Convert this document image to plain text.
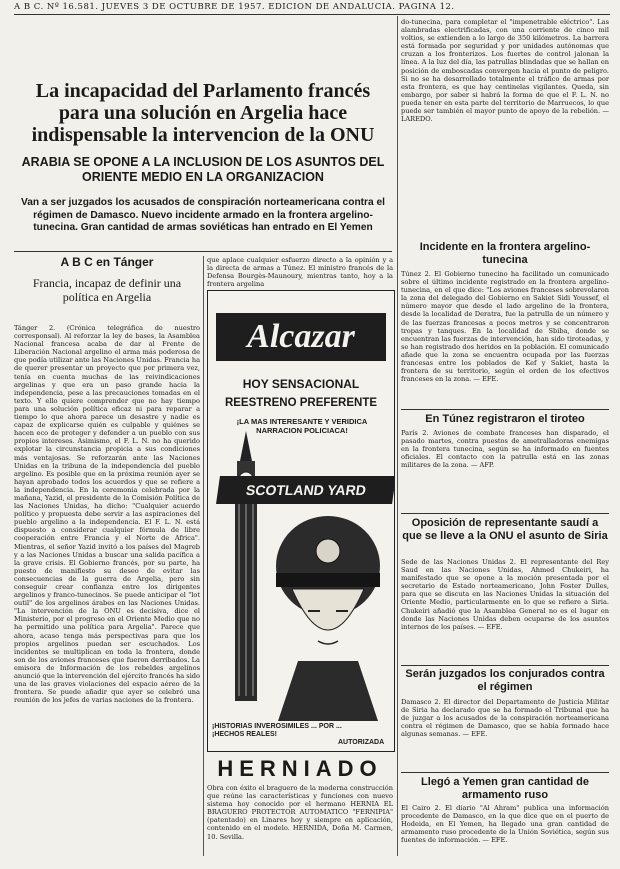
A B C. Nº 16.581. JUEVES 3 DE OCTUBRE DE 1957. EDICION DE ANDALUCIA. PAGINA 12.
La incapacidad del Parlamento francés para una solución en Argelia hace indispensable la intervencion de la ONU
ARABIA SE OPONE A LA INCLUSION DE LOS ASUNTOS DEL ORIENTE MEDIO EN LA ORGANIZACION
Van a ser juzgados los acusados de conspiración norteamericana contra el régimen de Damasco. Nuevo incidente armado en la frontera argelino-tunecina. Gran cantidad de armas soviéticas han entrado en El Yemen
A B C en Tánger
Francia, incapaz de definir una política en Argelia
Tánger 2. (Crónica telegráfica de nuestro corresponsal). Al reforzar la ley de bases, la Asamblea Nacional francesa acaba de dar al Frente de Liberación Nacional argelino el arma más poderosa de que podía utilizar ante las Naciones Unidas. Francia ha de querer presentar un proyecto que por primera vez, tenía en cuenta muchas de las reivindicaciones argelinas y que era un paso grande hacia la independencia, pese a las precauciones tomadas en el texto. Y ello quiere comprender que no hay tiempo para una solución política eficaz ni para reparar a tiempo lo que ahora parece un desastre y nadie es capaz de explicarse quién es culpable y quiénes se hacen eco de proteger y defender a un pueblo con sus propios intereses. Asimismo, el F. L. N. no ha querido explotar la circunstancia propicia a sus condiciones más ventajosas. Se reforzarán ante las Naciones Unidas en la tribuna de la independencia del pueblo argelino. Es posible que en la próxima reunión ayer se hayan aprobado todos los acuerdos y que se refiere a la independencia. En la ceremonia celebrada por la mañana, Yazid, el presidente de la Comisión Política de las Naciones Unidas, ha dicho: "Cualquier acuerdo político y propuesta debe servir a las aspiraciones del pueblo argelino a la independencia. El F. L. N. está dispuesto a considerar cualquier fórmula de libre cooperación entre Francia y el Norte de Africa". Mientras, el señor Yazid invitó a los países del Magreb y a las Naciones Unidas a buscar una salida pacífica a la grave crisis. El Gobierno francés, por su parte, ha puesto de manifiesto su deseo de evitar las consecuencias de la guerra de Argelia, pero sin conseguir crear confianza entre los dirigentes argelinos y franco-tunecinos. Se puede anticipar el "lot outil" de los argelinos árabes en las Naciones Unidas. "La intervención de la ONU es decisiva, dice el Ministerio, por el progreso en el Oriente Medio que no ha permitido una política para Argelia". Parece que ahora, acaso tenga más perspectivas para que los propios argelinos puedan ser escuchados. Los incidentes se multiplican en toda la frontera, donde son de los aviones franceses que fueron derribados. La emisora de Información de los rebeldes argelinos anunció que la intervención del ejército francés ha sido una de las graves violaciones del espacio aéreo de la frontera. Se puede añadir que ayer se celebró una reunión de los jefes de varias naciones de la frontera.
que aplace cualquier esfuerzo directo a la opinión y a la directa de armas a Túnez. El ministro francés de la Defensa Bourgès-Maunoury, mientras tanto, hoy a la frontera argelina
Alcazar
HOY SENSACIONAL
REESTRENO PREFERENTE
¡LA MAS INTERESANTE Y VERIDICA NARRACION POLICIACA!
SCOTLAND YARD
¡HISTORIAS INVEROSIMILES ... POR ... ¡HECHOS REALES!
AUTORIZADA
HERNIADO
Obra con éxito el braguero de la moderna construcción que reúne las características y funciones con nuevo sistema hoy conocido por el hermano HERNIA EL BRAGUERO PROTECTOR AUTOMATICO "FERNIPIA" (patentado) en Linares hoy y siempre en aplicación, contenido en el modelo. HERNIDA, Doña M. Carmen, 10. Sevilla.
do-tunecina, para completar el "impenetrable eléctrico". Las alambradas electrificadas, con una corriente de cinco mil voltios, se extienden a lo largo de 350 kilómetros. La barrera está formada por seguridad y por unidades autónomas que cruzan a los fronterizos. Los fuertes de control jalonan la línea. A la luz del día, las patrullas blindadas que se hallan en posición de emboscadas convergen hacia el punto de peligro. Si no se ha desarrollado totalmente el tráfico de armas por esta frontera, es que hay centinelas vigilantes. Queda, sin embargo, por saber si habrá la forma de que el F. L. N. no pueda tener en esta parte del territorio de Marruecos, lo que puede ser también el mayor punto de apoyo de la rebelión. — LAREDO.
Incidente en la frontera argelino-tunecina
Túnez 2. El Gobierno tunecino ha facilitado un comunicado sobre el último incidente registrado en la frontera argelino-tunecina, en el que dice: "Los aviones franceses sobrevolaron la zona del delegado del Gobierno en Sakiet Sidi Youssef, el número mayor que desde el lado argelino de la frontera, desde la localidad de Deratra, fue la patrulla de un número y de las fuerzas francesas a pocos metros y se concentraron tropas y tanques. En la localidad de Sbiba, donde se encuentran las fuerzas de intervención, han sido tiroteadas, y se han registrado dos heridos en la población. El comunicado añade que la zona se encuentra ocupada por las fuerzas francesas entre los poblados de Kef y Sakiet, hasta la frontera de su territorio, según el orden de los efectivos franceses en la zona. — EFE.
En Túnez registraron el tiroteo
París 2. Aviones de combate franceses han disparado, el pasado martes, contra puestos de ametralladoras enemigas en la frontera tunecina, según se ha informado en fuentes oficiales. El contacto con la patrulla está en las zonas militares de la zona. — AFP.
Oposición de representante saudí a que se lleve a la ONU el asunto de Siria
Sede de las Naciones Unidas 2. El representante del Rey Saud en las Naciones Unidas, Ahmed Chukeiri, ha manifestado que se opone a la moción presentada por el secretario de Estado norteamericano, John Foster Dulles, para que se discuta en las Naciones Unidas la situación del Oriente Medio, particularmente en lo que se refiere a Siria. Chukeiri añadió que la Asamblea General no es el lugar en donde las Naciones Unidas deben ocuparse de los asuntos internos de los países. — EFE.
Serán juzgados los conjurados contra el régimen
Damasco 2. El director del Departamento de Justicia Militar de Siria ha declarado que se ha formado el Tribunal que ha de juzgar a los acusados de la conspiración norteamericana contra el régimen de Damasco, que se había formado hace algunas semanas. — EFE.
Llegó a Yemen gran cantidad de armamento ruso
El Cairo 2. El diario "Al Ahram" publica una información procedente de Damasco, en la que dice que en el puerto de Hodeida, en El Yemen, ha llegado una gran cantidad de armamento ruso procedente de la Unión Soviética, según sus fuentes de información. — EFE.
